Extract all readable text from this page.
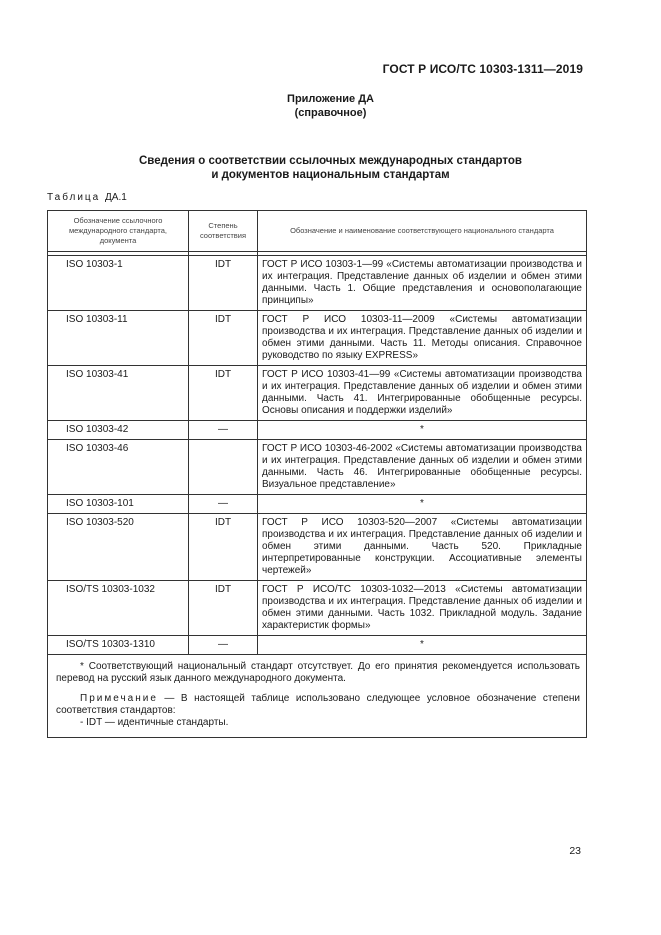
ГОСТ Р ИСО/ТС 10303-1311—2019
Приложение ДА
(справочное)
Сведения о соответствии ссылочных международных стандартов
и документов национальным стандартам
Таблица ДА.1
Обозначение ссылочного международного стандарта, документа	Степень соответствия	Обозначение и наименование соответствующего национального стандарта

ISO 10303-1	IDT	ГОСТ Р ИСО 10303-1—99 «Системы автоматизации производства и их интеграция. Представление данных об изделии и обмен этими данными. Часть 1. Общие представления и основополагающие принципы»
ISO 10303-11	IDT	ГОСТ Р ИСО 10303-11—2009 «Системы автоматизации производства и их интеграция. Представление данных об изделии и обмен этими данными. Часть 11. Методы описания. Справочное руководство по языку EXPRESS»
ISO 10303-41	IDT	ГОСТ Р ИСО 10303-41—99 «Системы автоматизации производства и их интеграция. Представление данных об изделии и обмен этими данными. Часть 41. Интегрированные обобщенные ресурсы. Основы описания и поддержки изделий»
ISO 10303-42	—	*
ISO 10303-46		ГОСТ Р ИСО 10303-46-2002 «Системы автоматизации производства и их интеграция. Представление данных об изделии и обмен этими данными. Часть 46. Интегрированные обобщенные ресурсы. Визуальное представление»
ISO 10303-101	—	*
ISO 10303-520	IDT	ГОСТ Р ИСО 10303-520—2007 «Системы автоматизации производства и их интеграция. Представление данных об изделии и обмен этими данными. Часть 520. Прикладные интерпретированные конструкции. Ассоциативные элементы чертежей»
ISO/TS 10303-1032	IDT	ГОСТ Р ИСО/ТС 10303-1032—2013 «Системы автоматизации производства и их интеграция. Представление данных об изделии и обмен этими данными. Часть 1032. Прикладной модуль. Задание характеристик формы»
ISO/TS 10303-1310	—	*

* Соответствующий национальный стандарт отсутствует. До его принятия рекомендуется использовать перевод на русский язык данного международного документа.

Примечание — В настоящей таблице использовано следующее условное обозначение степени соответствия стандартов:

- IDT — идентичные стандарты.		

23
